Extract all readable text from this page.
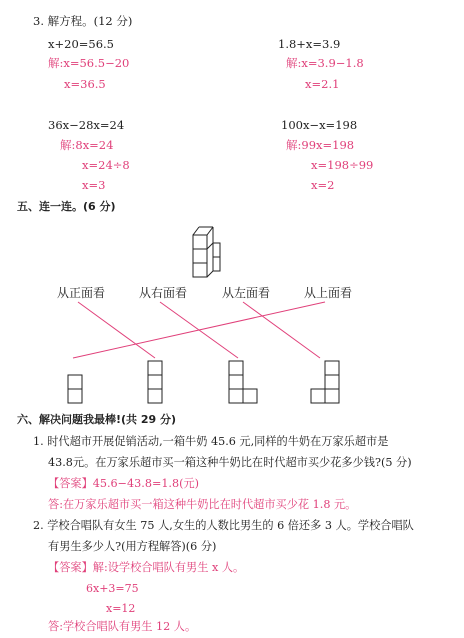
3. 解方程。(12 分)
x+20=56.5
解:x=56.5−20
x=36.5
1.8+x=3.9
解:x=3.9−1.8
x=2.1
36x−28x=24
解:8x=24
x=24÷8
x=3
100x−x=198
解:99x=198
x=198÷99
x=2
五、连一连。(6 分)
从正面看	从右面看	从左面看	从上面看
六、解决问题我最棒!(共 29 分)
1. 时代超市开展促销活动,一箱牛奶 45.6 元,同样的牛奶在万家乐超市是
43.8元。在万家乐超市买一箱这种牛奶比在时代超市买少花多少钱?(5 分)
【答案】45.6−43.8=1.8(元)
答:在万家乐超市买一箱这种牛奶比在时代超市买少花 1.8 元。
2. 学校合唱队有女生 75 人,女生的人数比男生的 6 倍还多 3 人。学校合唱队
有男生多少人?(用方程解答)(6 分)
【答案】解:设学校合唱队有男生 x 人。
6x+3=75
x=12
答:学校合唱队有男生 12 人。
